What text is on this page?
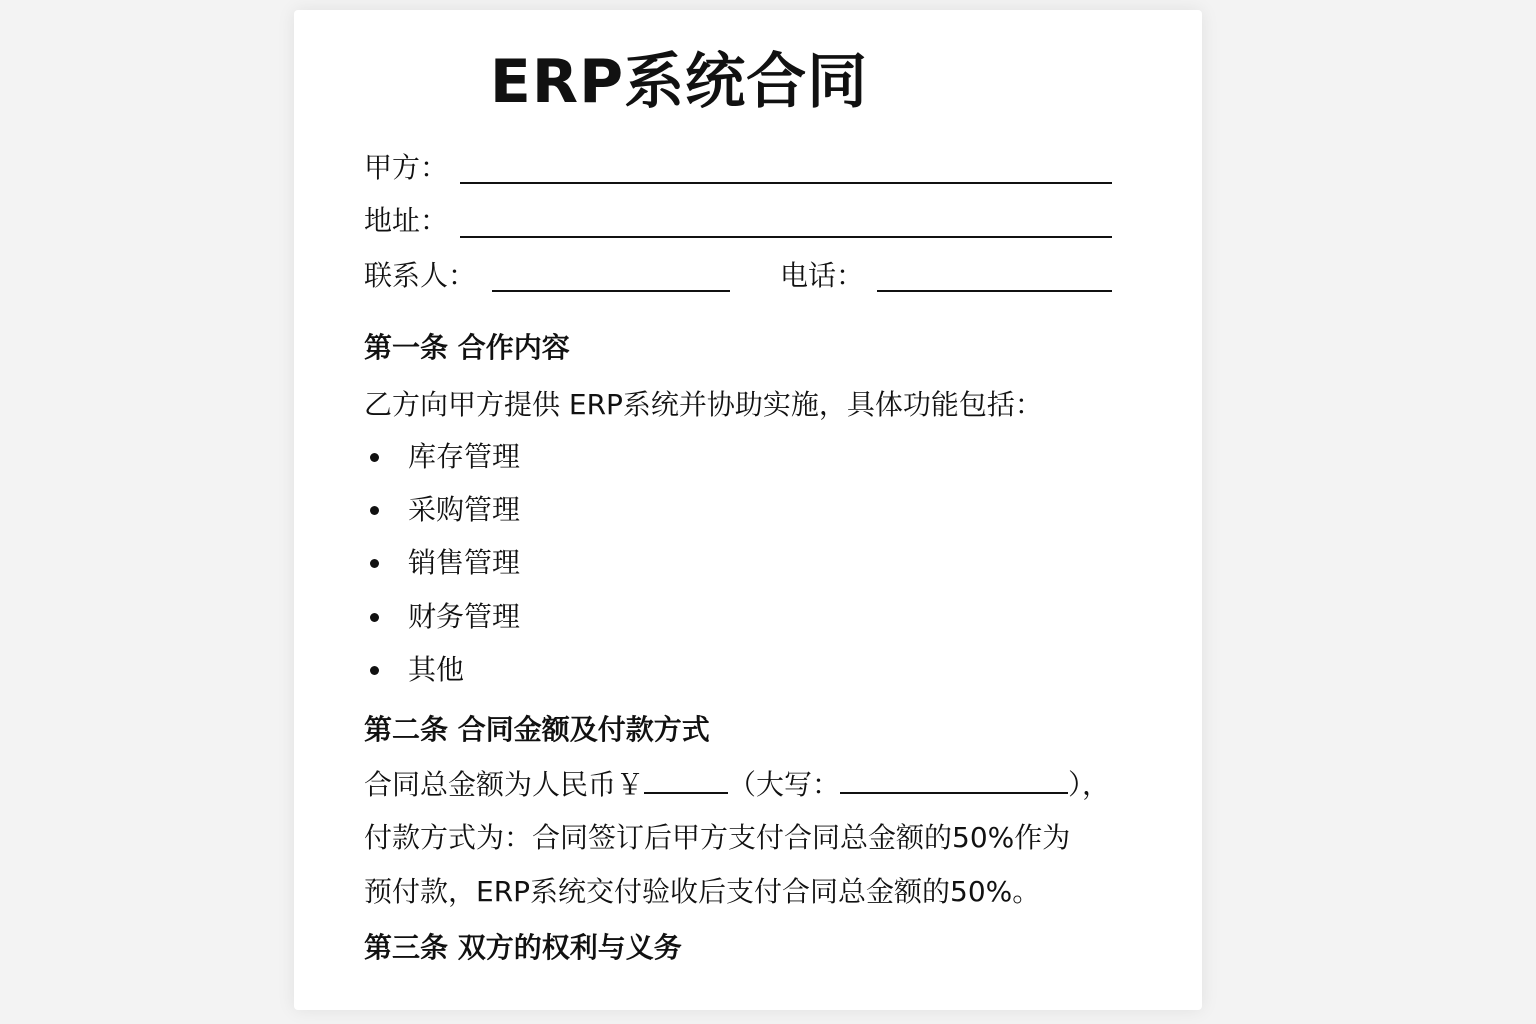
ERP系统合同
甲方：
地址：
联系人：	电话：
第一条 合作内容
乙方向甲方提供 ERP系统并协助实施，具体功能包括：
库存管理
采购管理
销售管理
财务管理
其他
第二条 合同金额及付款方式
合同总金额为人民币￥	（大写：	），
付款方式为：合同签订后甲方支付合同总金额的50%作为
预付款，ERP系统交付验收后支付合同总金额的50%。
第三条 双方的权利与义务
